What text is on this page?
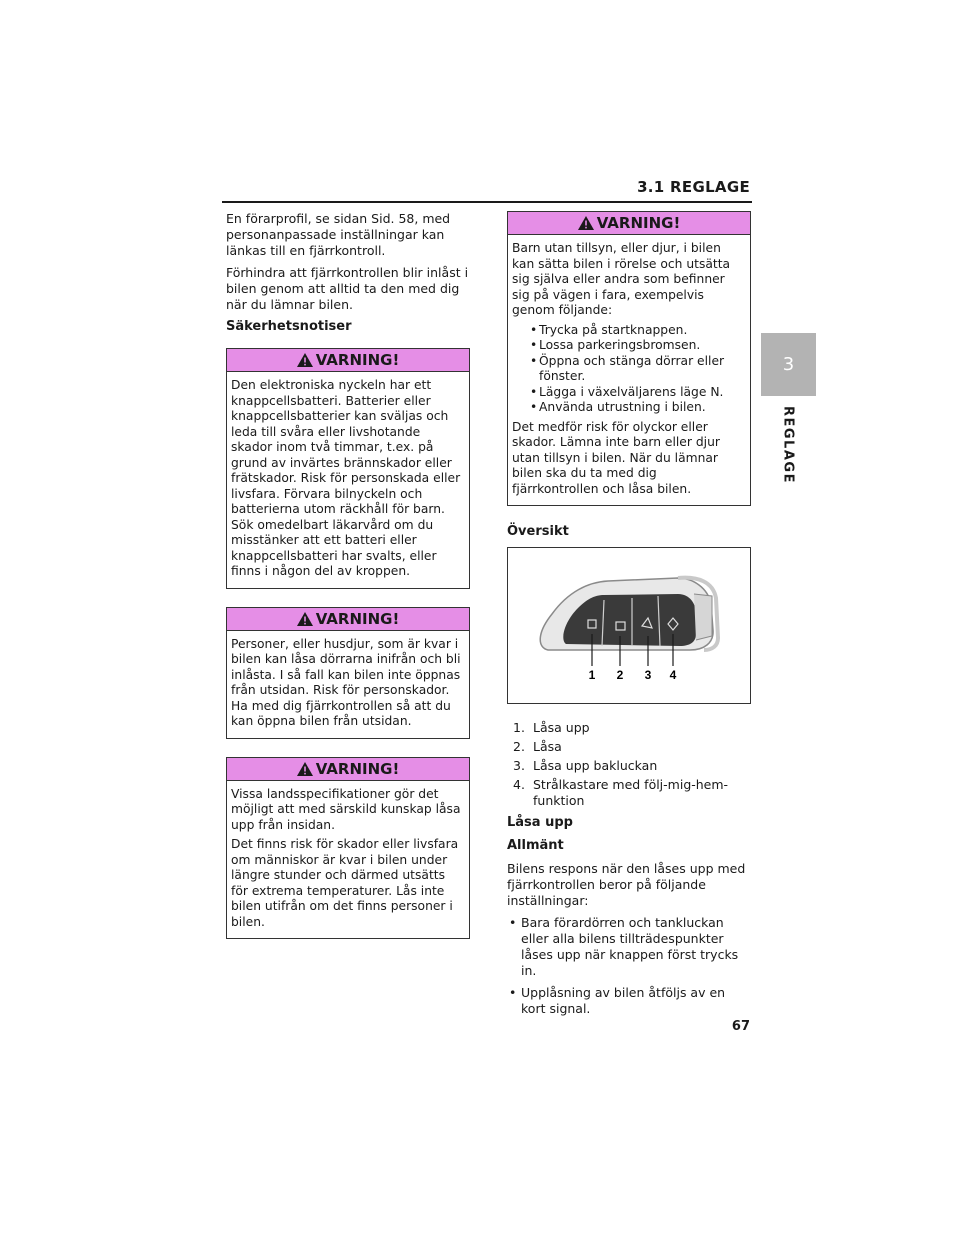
3.1 REGLAGE
3
REGLAGE

En förarprofil, se sidan Sid. 58, med personanpassade inställningar kan länkas till en fjärrkontroll.

Förhindra att fjärrkontrollen blir inlåst i bilen genom att alltid ta den med dig när du lämnar bilen.

Säkerhetsnotiser
VARNING!

Den elektroniska nyckeln har ett knappcellsbatteri. Batterier eller knappcellsbatterier kan sväljas och leda till svåra eller livshotande skador inom två timmar, t.ex. på grund av invärtes brännskador eller frätskador. Risk för personskada eller livsfara. Förvara bilnyckeln och batterierna utom räckhåll för barn. Sök omedelbart läkarvård om du misstänker att ett batteri eller knappcellsbatteri har svalts, eller finns i någon del av kroppen.

VARNING!

Personer, eller husdjur, som är kvar i bilen kan låsa dörrarna inifrån och bli inlåsta. I så fall kan bilen inte öppnas från utsidan. Risk för personskador. Ha med dig fjärrkontrollen så att du kan öppna bilen från utsidan.

VARNING!

Vissa landsspecifikationer gör det möjligt att med särskild kunskap låsa upp från insidan.

Det finns risk för skador eller livsfara om människor är kvar i bilen under längre stunder och därmed utsätts för extrema temperaturer. Lås inte bilen utifrån om det finns personer i bilen.

VARNING!

Barn utan tillsyn, eller djur, i bilen kan sätta bilen i rörelse och utsätta sig själva eller andra som befinner sig på vägen i fara, exempelvis genom följande:

• Trycka på startknappen.
• Lossa parkeringsbromsen.
• Öppna och stänga dörrar eller fönster.
• Lägga i växelväljarens läge N.
• Använda utrustning i bilen.

Det medför risk för olyckor eller skador. Lämna inte barn eller djur utan tillsyn i bilen. När du lämnar bilen ska du ta med dig fjärrkontrollen och låsa bilen.

Översikt
1 2 3 4
1. Låsa upp
2. Låsa
3. Låsa upp bakluckan
4. Strålkastare med följ-mig-hem-funktion
Låsa upp
Allmänt

Bilens respons när den låses upp med fjärrkontrollen beror på följande inställningar:

• Bara förardörren och tankluckan eller alla bilens tillträdespunkter låses upp när knappen först trycks in.
• Upplåsning av bilen åtföljs av en kort signal.
67
